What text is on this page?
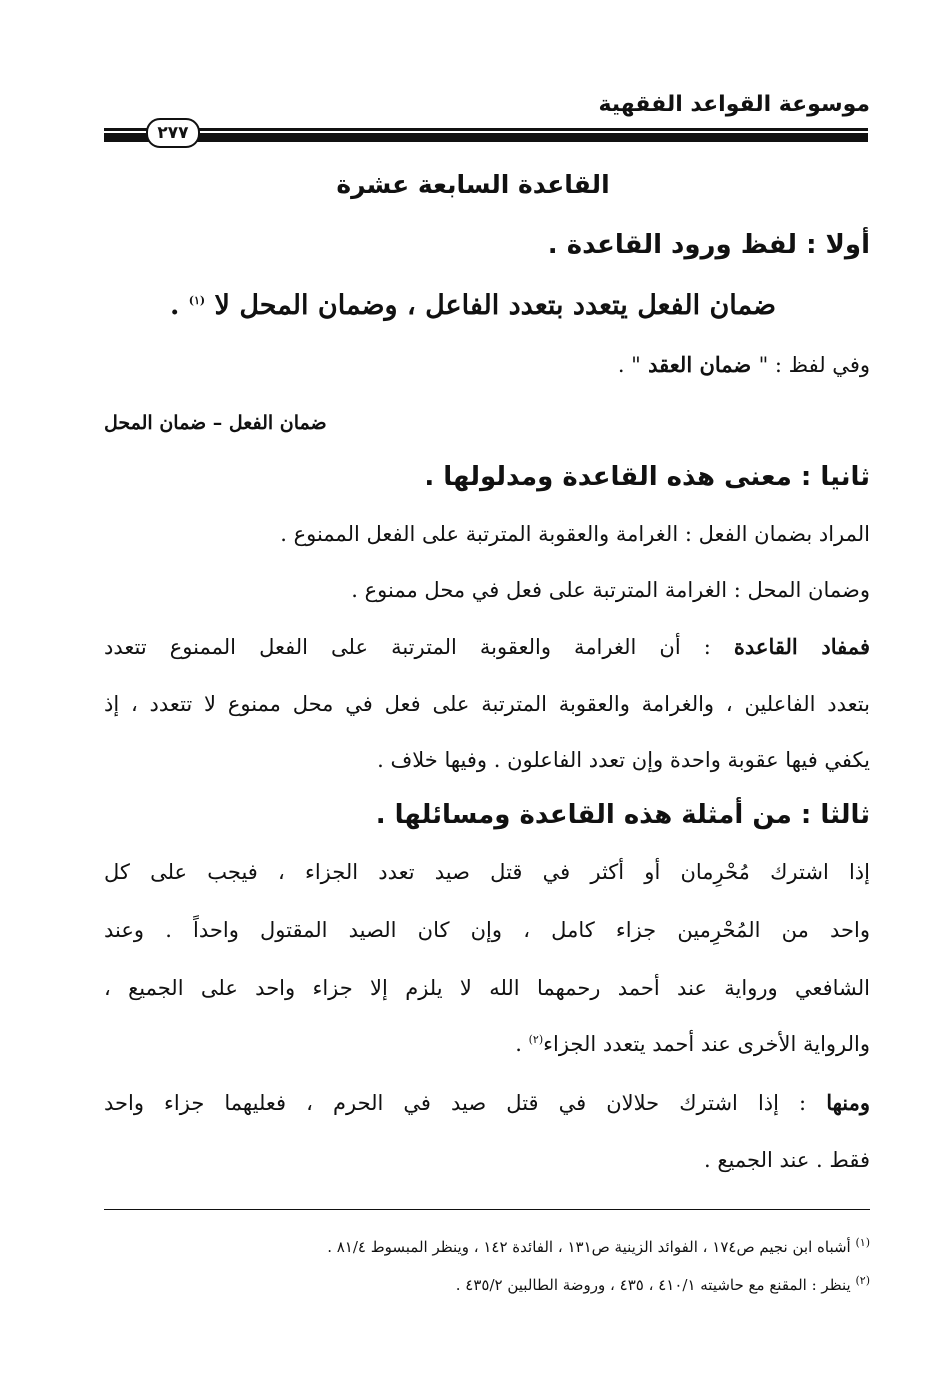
موسوعة القواعد الفقهية
٢٧٧
القاعدة السابعة عشرة
أولا : لفظ ورود القاعدة .
ضمان الفعل يتعدد بتعدد الفاعل ، وضمان المحل لا $^{(١)}$ .
وفي لفظ : " ضمان العقد " .
ضمان الفعل – ضمان المحل
ثانيا : معنى هذه القاعدة ومدلولها .
المراد بضمان الفعل : الغرامة والعقوبة المترتبة على الفعل الممنوع .
وضمان المحل : الغرامة المترتبة على فعل في محل ممنوع .
فمفاد القاعدة : أن الغرامة والعقوبة المترتبة على الفعل الممنوع تتعدد
بتعدد الفاعلين ، والغرامة والعقوبة المترتبة على فعل في محل ممنوع لا تتعدد ، إذ
يكفي فيها عقوبة واحدة وإن تعدد الفاعلون . وفيها خلاف .
ثالثا : من أمثلة هذه القاعدة ومسائلها .
إذا اشترك مُحْرِمان أو أكثر في قتل صيد تعدد الجزاء ، فيجب على كل
واحد من المُحْرِمين جزاء كامل ، وإن كان الصيد المقتول واحداً . وعند
الشافعي ورواية عند أحمد رحمهما الله لا يلزم إلا جزاء واحد على الجميع ،
والرواية الأخرى عند أحمد يتعدد الجزاء$^{(٢)}$ .
ومنها : إذا اشترك حلالان في قتل صيد في الحرم ، فعليهما جزاء واحد
فقط . عند الجميع .
$^{(١)}$ أشباه ابن نجيم ص١٧٤ ، الفوائد الزينية ص١٣١ ، الفائدة ١٤٢ ، وينظر المبسوط ٨١/٤ .
$^{(٢)}$ ينظر : المقنع مع حاشيته ٤١٠/١ ، ٤٣٥ ، وروضة الطالبين ٤٣٥/٢ .
